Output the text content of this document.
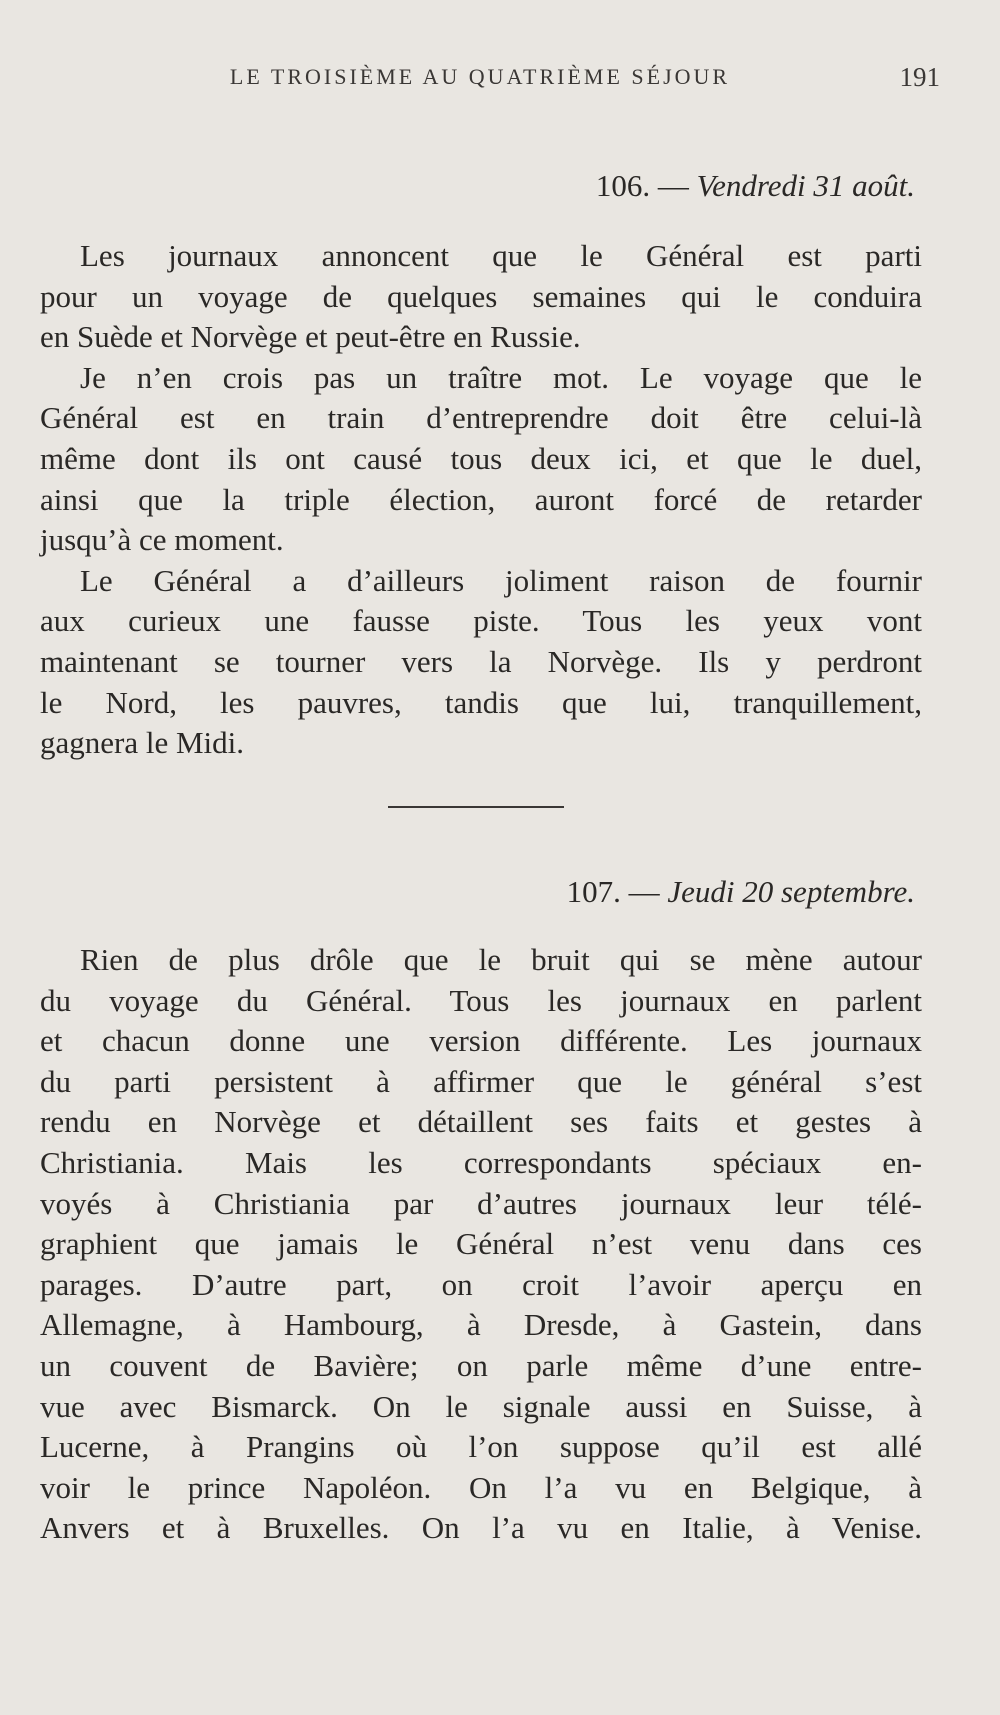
LE TROISIÈME AU QUATRIÈME SÉJOUR	191
106. — Vendredi 31 août.
Les journaux annoncent que le Général est parti
pour un voyage de quelques semaines qui le conduira
en Suède et Norvège et peut-être en Russie.
Je n’en crois pas un traître mot. Le voyage que le
Général est en train d’entreprendre doit être celui-là
même dont ils ont causé tous deux ici, et que le duel,
ainsi que la triple élection, auront forcé de retarder
jusqu’à ce moment.
Le Général a d’ailleurs joliment raison de fournir
aux curieux une fausse piste. Tous les yeux vont
maintenant se tourner vers la Norvège. Ils y perdront
le Nord, les pauvres, tandis que lui, tranquillement,
gagnera le Midi.
107. — Jeudi 20 septembre.
Rien de plus drôle que le bruit qui se mène autour
du voyage du Général. Tous les journaux en parlent
et chacun donne une version différente. Les journaux
du parti persistent à affirmer que le général s’est
rendu en Norvège et détaillent ses faits et gestes à
Christiania. Mais les correspondants spéciaux en-
voyés à Christiania par d’autres journaux leur télé-
graphient que jamais le Général n’est venu dans ces
parages. D’autre part, on croit l’avoir aperçu en
Allemagne, à Hambourg, à Dresde, à Gastein, dans
un couvent de Bavière; on parle même d’une entre-
vue avec Bismarck. On le signale aussi en Suisse, à
Lucerne, à Prangins où l’on suppose qu’il est allé
voir le prince Napoléon. On l’a vu en Belgique, à
Anvers et à Bruxelles. On l’a vu en Italie, à Venise.
